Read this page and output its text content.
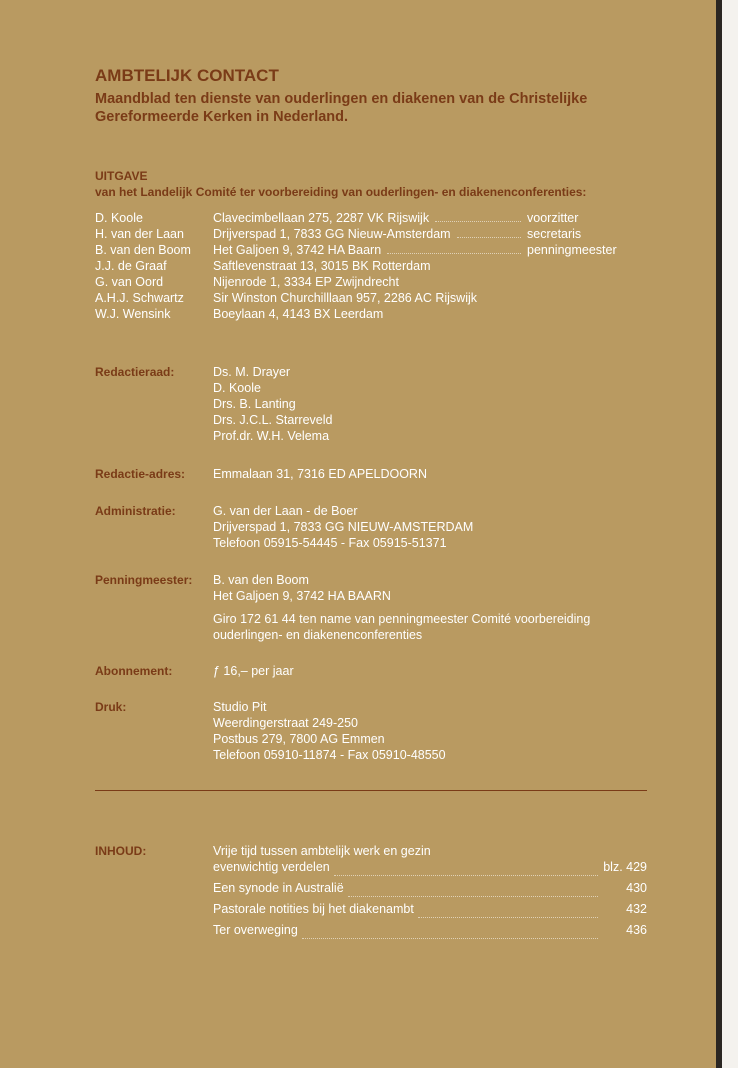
AMBTELIJK CONTACT
Maandblad ten dienste van ouderlingen en diakenen van de Christelijke
Gereformeerde Kerken in Nederland.
UITGAVE
van het Landelijk Comité ter voorbereiding van ouderlingen- en diakenenconferenties:
D. Koole	Clavecimbellaan 275, 2287 VK Rijswijk	voorzitter
H. van der Laan	Drijverspad 1, 7833 GG Nieuw-Amsterdam	secretaris
B. van den Boom	Het Galjoen 9, 3742 HA Baarn	penningmeester
J.J. de Graaf	Saftlevenstraat 13, 3015 BK Rotterdam
G. van Oord	Nijenrode 1, 3334 EP Zwijndrecht
A.H.J. Schwartz	Sir Winston Churchilllaan 957, 2286 AC Rijswijk
W.J. Wensink	Boeylaan 4, 4143 BX Leerdam
Redactieraad:	Ds. M. Drayer
D. Koole
Drs. B. Lanting
Drs. J.C.L. Starreveld
Prof.dr. W.H. Velema
Redactie-adres:	Emmalaan 31, 7316 ED APELDOORN
Administratie:	G. van der Laan - de Boer
Drijverspad 1, 7833 GG NIEUW-AMSTERDAM
Telefoon 05915-54445 - Fax 05915-51371
Penningmeester:	B. van den Boom
Het Galjoen 9, 3742 HA BAARN
Giro 172 61 44 ten name van penningmeester Comité voorbereiding
ouderlingen- en diakenenconferenties
Abonnement:	ƒ 16,– per jaar
Druk:	Studio Pit
Weerdingerstraat 249-250
Postbus 279, 7800 AG Emmen
Telefoon 05910-11874 - Fax 05910-48550
INHOUD:	Vrije tijd tussen ambtelijk werk en gezin
evenwichtig verdelen	blz. 429
Een synode in Australië	430
Pastorale notities bij het diakenambt	432
Ter overweging	436
